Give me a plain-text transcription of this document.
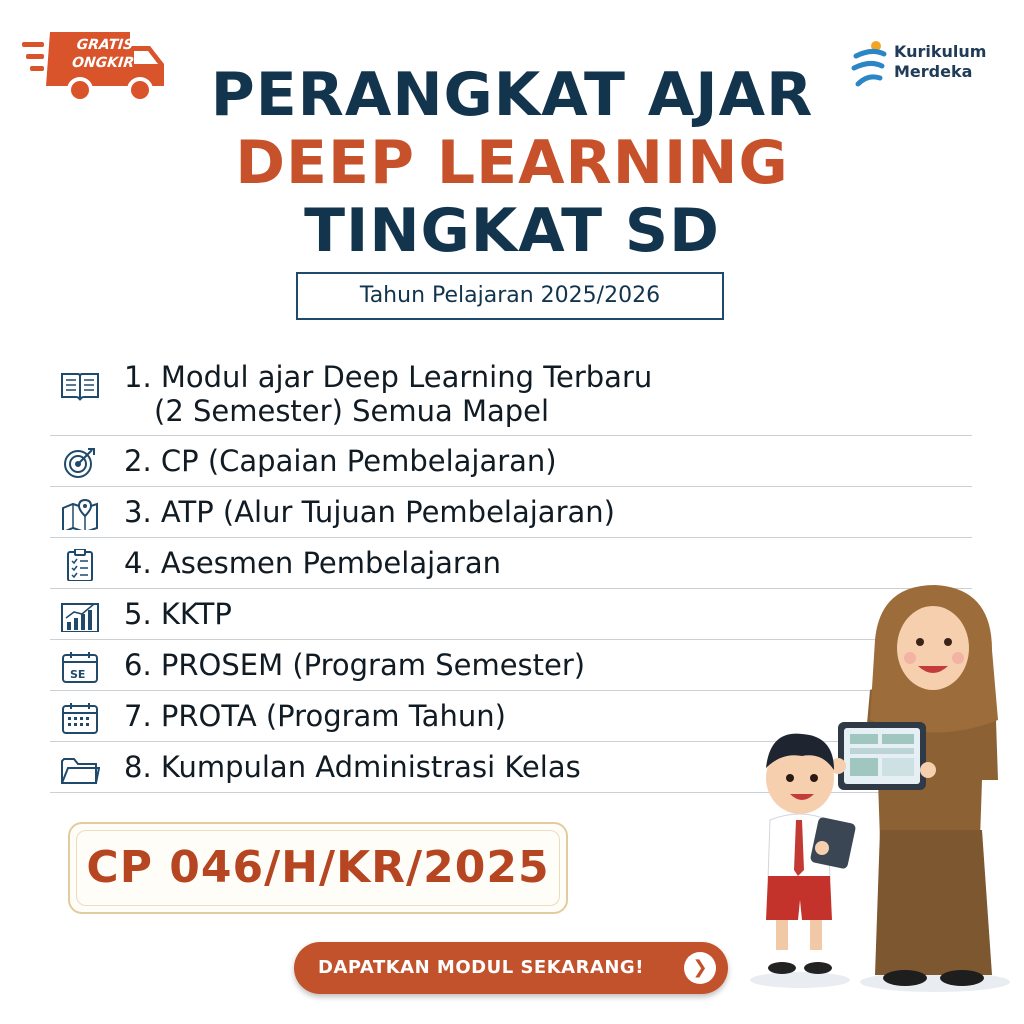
GRATIS
ONGKIR
Kurikulum
Merdeka
PERANGKAT AJAR
DEEP LEARNING
TINGKAT SD
Tahun Pelajaran 2025/2026
1. Modul ajar Deep Learning Terbaru
(2 Semester) Semua Mapel
2. CP (Capaian Pembelajaran)
3. ATP (Alur Tujuan Pembelajaran)
4. Asesmen Pembelajaran
5. KKTP
SE 6. PROSEM (Program Semester)
7. PROTA (Program Tahun)
8. Kumpulan Administrasi Kelas
CP 046/H/KR/2025
DAPATKAN MODUL SEKARANG!	❯
